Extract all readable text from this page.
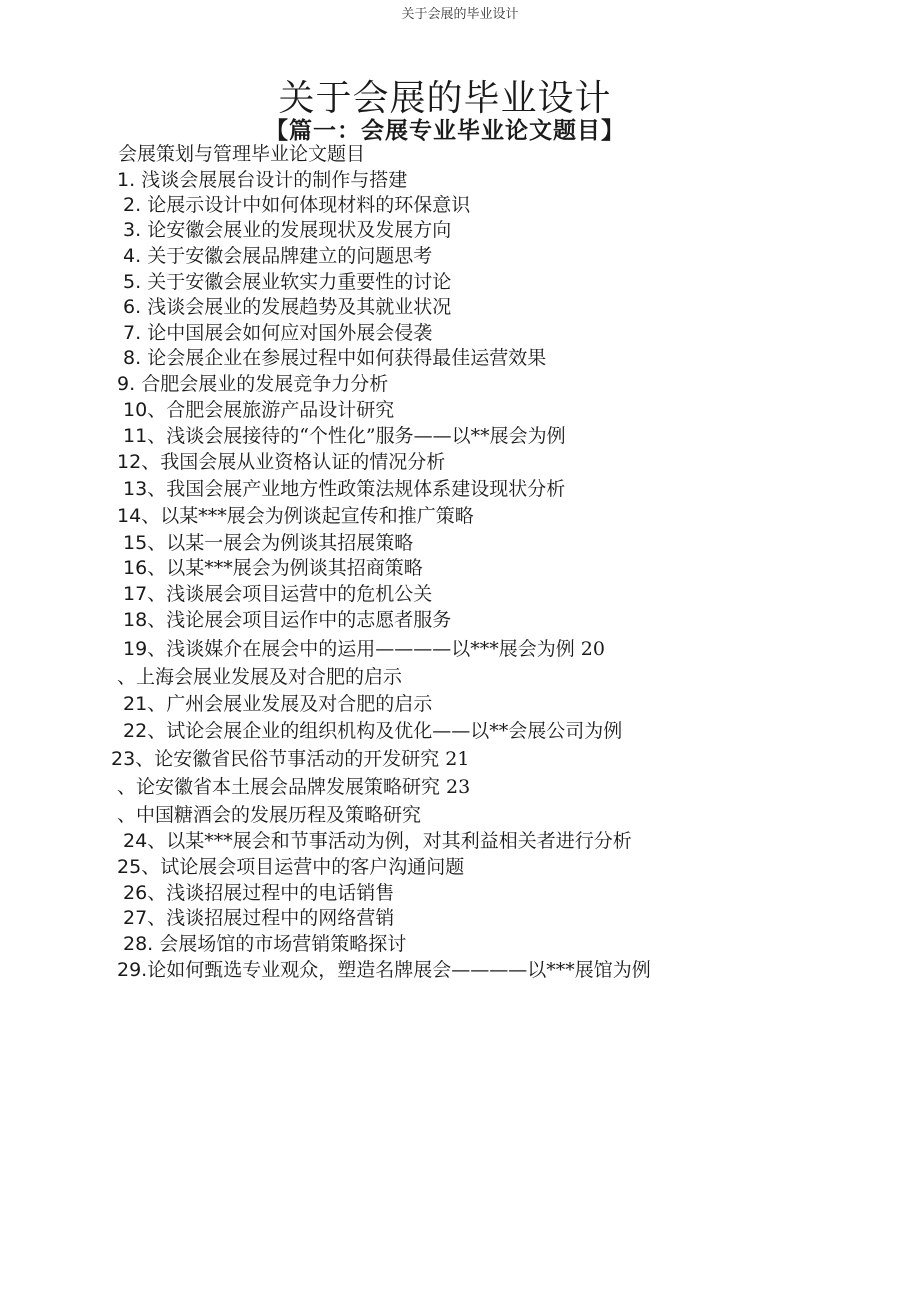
关于会展的毕业设计
关于会展的毕业设计
【篇一：会展专业毕业论文题目】
会展策划与管理毕业论文题目
1. 浅谈会展展台设计的制作与搭建
2. 论展示设计中如何体现材料的环保意识
3. 论安徽会展业的发展现状及发展方向
4. 关于安徽会展品牌建立的问题思考
5. 关于安徽会展业软实力重要性的讨论
6. 浅谈会展业的发展趋势及其就业状况
7. 论中国展会如何应对国外展会侵袭
8. 论会展企业在参展过程中如何获得最佳运营效果
9. 合肥会展业的发展竞争力分析
10、合肥会展旅游产品设计研究
11、浅谈会展接待的“个性化”服务——以**展会为例
12、我国会展从业资格认证的情况分析
13、我国会展产业地方性政策法规体系建设现状分析
14、以某***展会为例谈起宣传和推广策略
15、以某一展会为例谈其招展策略
16、以某***展会为例谈其招商策略
17、浅谈展会项目运营中的危机公关
18、浅论展会项目运作中的志愿者服务
19、浅谈媒介在展会中的运用————以***展会为例 20
、上海会展业发展及对合肥的启示
21、广州会展业发展及对合肥的启示
22、试论会展企业的组织机构及优化——以**会展公司为例
23、论安徽省民俗节事活动的开发研究 21
、论安徽省本土展会品牌发展策略研究 23
、中国糖酒会的发展历程及策略研究
24、以某***展会和节事活动为例，对其利益相关者进行分析
25、试论展会项目运营中的客户沟通问题
26、浅谈招展过程中的电话销售
27、浅谈招展过程中的网络营销
28. 会展场馆的市场营销策略探讨
29.论如何甄选专业观众，塑造名牌展会————以***展馆为例
